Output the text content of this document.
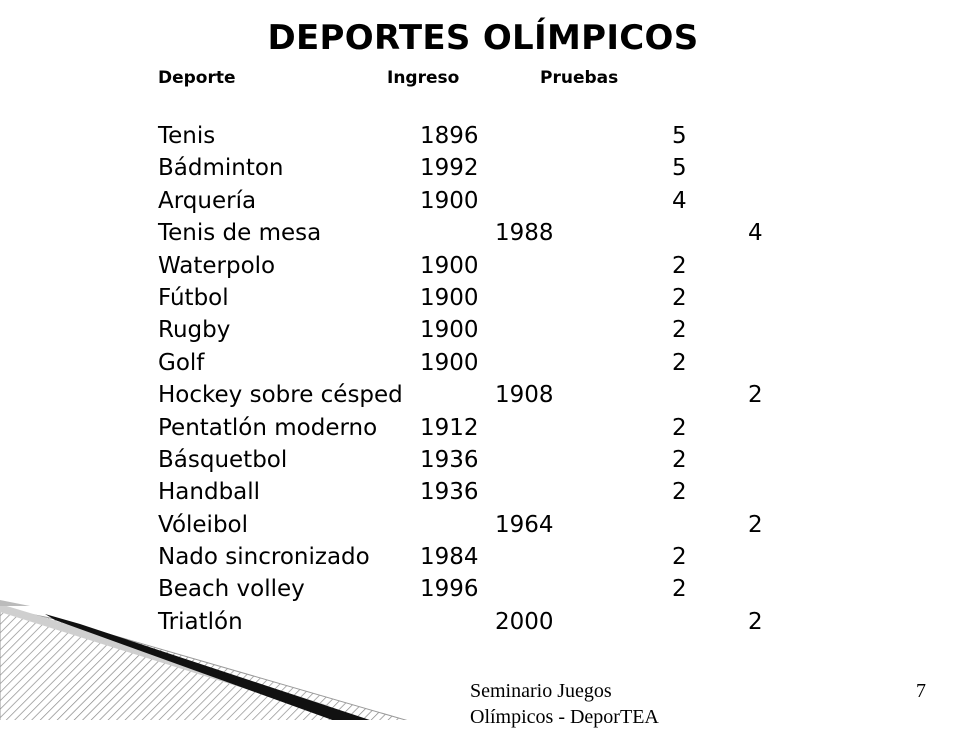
DEPORTES OLÍMPICOS
Deporte	Ingreso	Pruebas
Tenis	1896	5
Bádminton	1992	5
Arquería	1900	4
Tenis de mesa	1988	4
Waterpolo	1900	2
Fútbol	1900	2
Rugby	1900	2
Golf	1900	2
Hockey sobre césped	1908	2
Pentatlón moderno 1912	2
Básquetbol	1936	2
Handball	1936	2
Vóleibol	1964	2
Nado sincronizado 1984	2
Beach volley	1996	2
Triatlón	2000	2
Seminario Juegos
Olímpicos - DeporTEA
7
